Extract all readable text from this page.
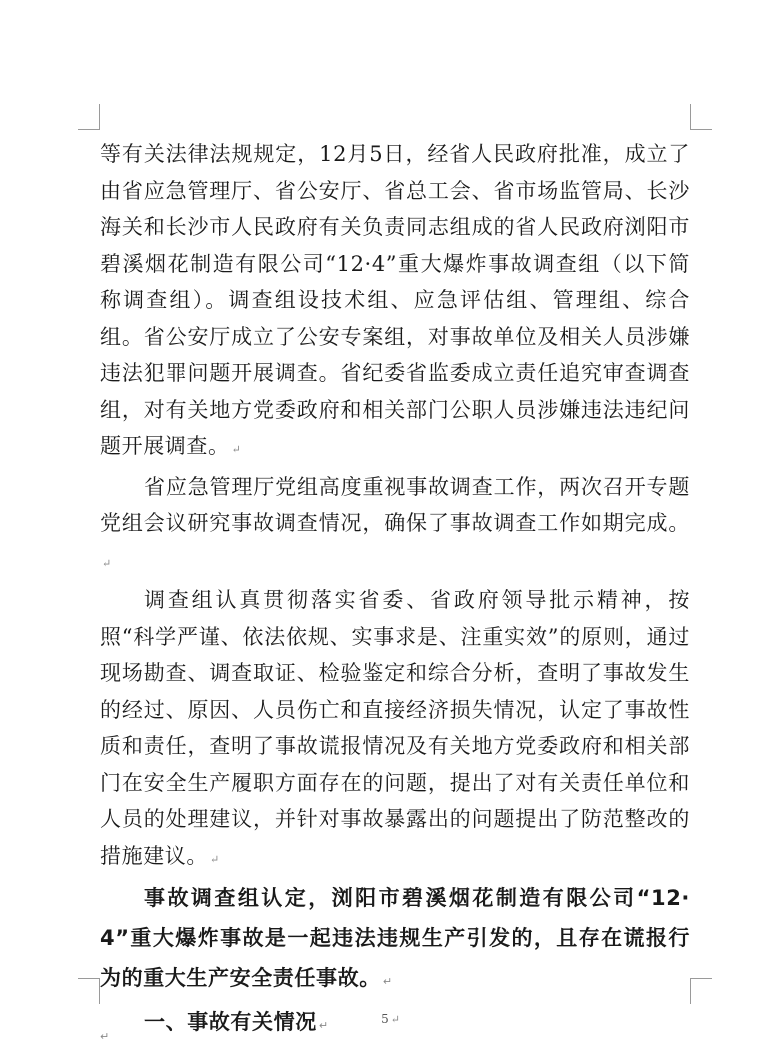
等有关法律法规规定，12月5日，经省人民政府批准，成立了由省应急管理厅、省公安厅、省总工会、省市场监管局、长沙海关和长沙市人民政府有关负责同志组成的省人民政府浏阳市碧溪烟花制造有限公司“12·4”重大爆炸事故调查组（以下简称调查组）。调查组设技术组、应急评估组、管理组、综合组。省公安厅成立了公安专案组，对事故单位及相关人员涉嫌违法犯罪问题开展调查。省纪委省监委成立责任追究审查调查组，对有关地方党委政府和相关部门公职人员涉嫌违法违纪问题开展调查。 ↵

省应急管理厅党组高度重视事故调查工作，两次召开专题党组会议研究事故调查情况，确保了事故调查工作如期完成。↵

调查组认真贯彻落实省委、省政府领导批示精神，按照“科学严谨、依法依规、实事求是、注重实效”的原则，通过现场勘查、调查取证、检验鉴定和综合分析，查明了事故发生的经过、原因、人员伤亡和直接经济损失情况，认定了事故性质和责任，查明了事故谎报情况及有关地方党委政府和相关部门在安全生产履职方面存在的问题，提出了对有关责任单位和人员的处理建议，并针对事故暴露出的问题提出了防范整改的措施建议。 ↵

事故调查组认定，浏阳市碧溪烟花制造有限公司“12·4”重大爆炸事故是一起违法违规生产引发的，且存在谎报行为的重大生产安全责任事故。 ↵

一、事故有关情况 ↵	5 ↵
↵
